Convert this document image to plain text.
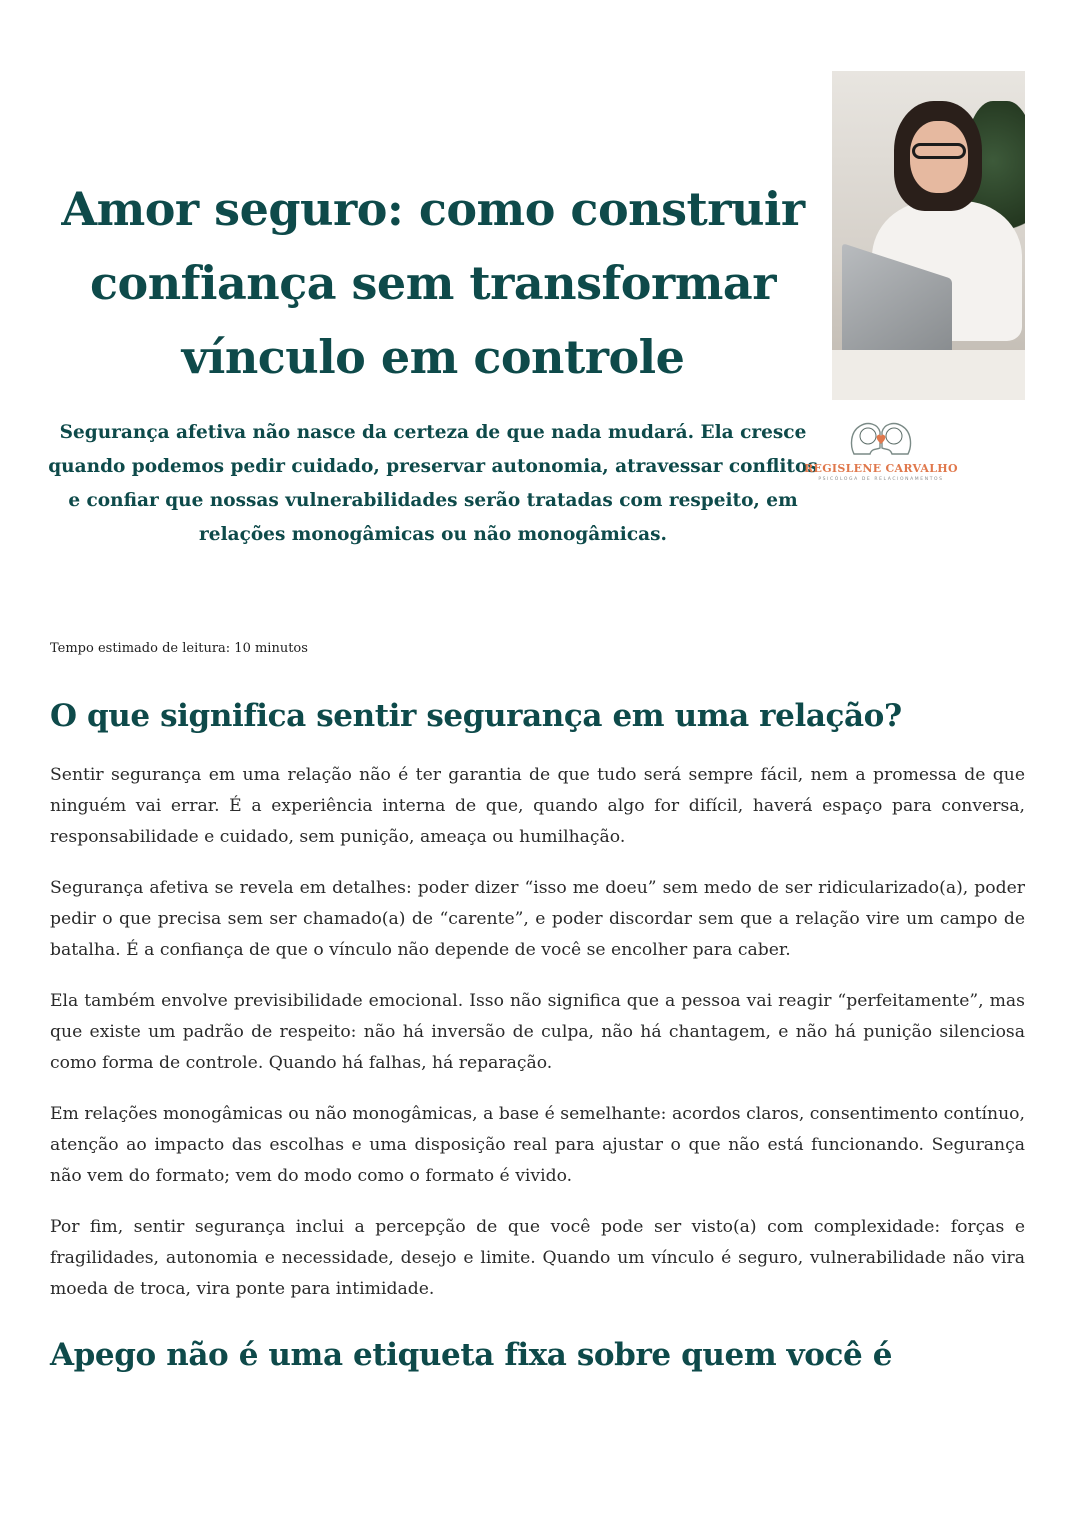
Amor seguro: como construir
confiança sem transformar
vínculo em controle

Segurança afetiva não nasce da certeza de que nada mudará. Ela cresce quando podemos pedir cuidado, preservar autonomia, atravessar conflitos e confiar que nossas vulnerabilidades serão tratadas com respeito, em relações monogâmicas ou não monogâmicas.

REGISLENE CARVALHO
PSICÓLOGA DE RELACIONAMENTOS
Tempo estimado de leitura: 10 minutos
O que significa sentir segurança em uma relação?

Sentir segurança em uma relação não é ter garantia de que tudo será sempre fácil, nem a promessa de que ninguém vai errar. É a experiência interna de que, quando algo for difícil, haverá espaço para conversa, responsabilidade e cuidado, sem punição, ameaça ou humilhação.

Segurança afetiva se revela em detalhes: poder dizer “isso me doeu” sem medo de ser ridicularizado(a), poder pedir o que precisa sem ser chamado(a) de “carente”, e poder discordar sem que a relação vire um campo de batalha. É a confiança de que o vínculo não depende de você se encolher para caber.

Ela também envolve previsibilidade emocional. Isso não significa que a pessoa vai reagir “perfeitamente”, mas que existe um padrão de respeito: não há inversão de culpa, não há chantagem, e não há punição silenciosa como forma de controle. Quando há falhas, há reparação.

Em relações monogâmicas ou não monogâmicas, a base é semelhante: acordos claros, consentimento contínuo, atenção ao impacto das escolhas e uma disposição real para ajustar o que não está funcionando. Segurança não vem do formato; vem do modo como o formato é vivido.

Por fim, sentir segurança inclui a percepção de que você pode ser visto(a) com complexidade: forças e fragilidades, autonomia e necessidade, desejo e limite. Quando um vínculo é seguro, vulnerabilidade não vira moeda de troca, vira ponte para intimidade.

Apego não é uma etiqueta fixa sobre quem você é
